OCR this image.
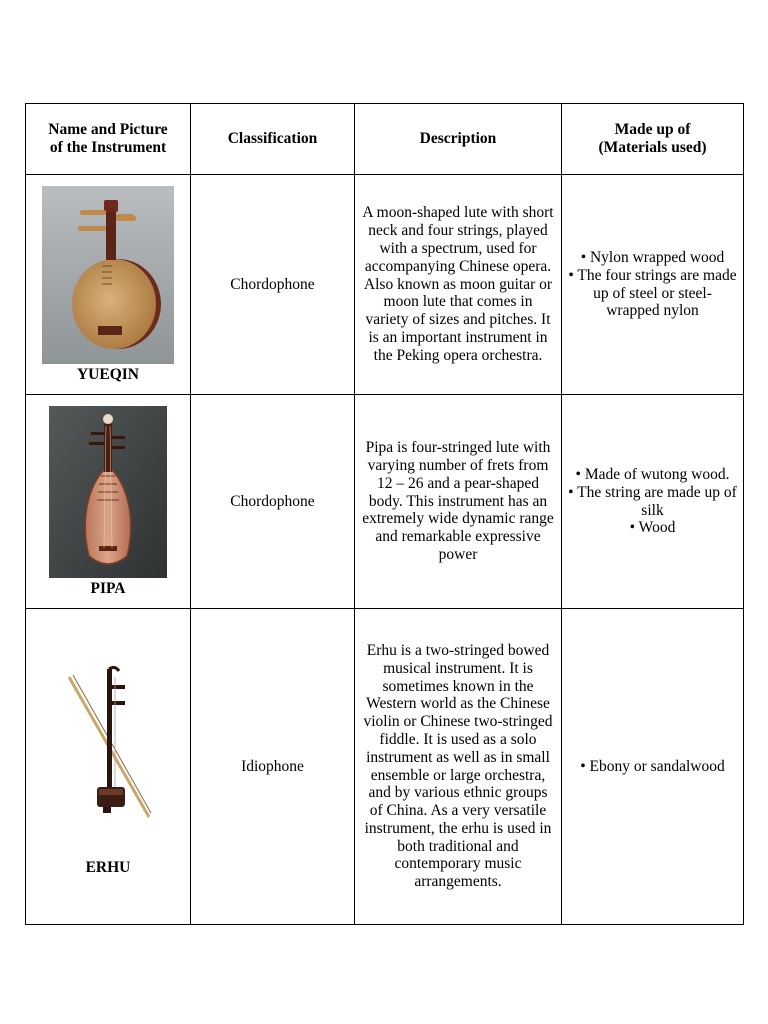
Name and Picture
of the Instrument	Classification	Description	Made up of
(Materials used)

YUEQIN	Chordophone	A moon-shaped lute with short neck and four strings, played with a spectrum, used for accompanying Chinese opera. Also known as moon guitar or moon lute that comes in variety of sizes and pitches. It is an important instrument in the Peking opera orchestra.	• Nylon wrapped wood
• The four strings are made up of steel or steel-wrapped nylon

PIPA	Chordophone	Pipa is four-stringed lute with varying number of frets from 12 – 26 and a pear-shaped body. This instrument has an extremely wide dynamic range and remarkable expressive power	• Made of wutong wood.
• The string are made up of silk
• Wood

ERHU	Idiophone	Erhu is a two-stringed bowed musical instrument. It is sometimes known in the Western world as the Chinese violin or Chinese two-stringed fiddle. It is used as a solo instrument as well as in small ensemble or large orchestra, and by various ethnic groups of China. As a very versatile instrument, the erhu is used in both traditional and contemporary music arrangements.	• Ebony or sandalwood
